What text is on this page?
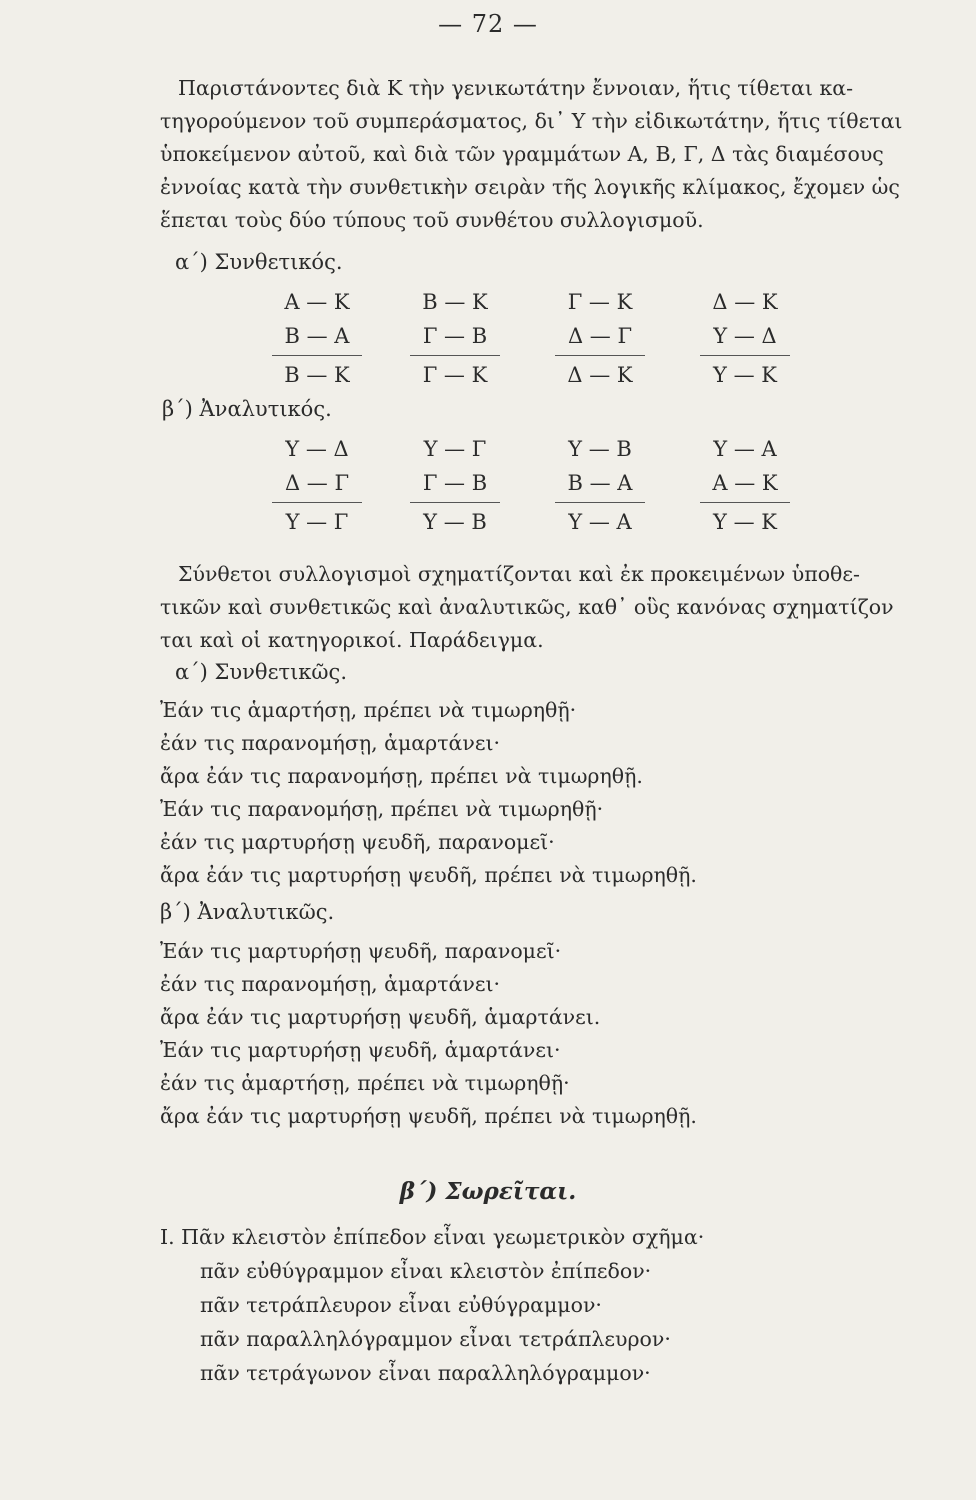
— 72 —
Παριστάνοντες διὰ Κ τὴν γενικωτάτην ἔννοιαν, ἥτις τίθεται κα-
τηγορούμενον τοῦ συμπεράσματος, δι᾽ Υ τὴν εἰδικωτάτην, ἥτις τίθεται
ὑποκείμενον αὐτοῦ, καὶ διὰ τῶν γραμμάτων Α, Β, Γ, Δ τὰς διαμέσους
ἐννοίας κατὰ τὴν συνθετικὴν σειρὰν τῆς λογικῆς κλίμακος, ἔχομεν ὡς
ἕπεται τοὺς δύο τύπους τοῦ συνθέτου συλλογισμοῦ.
α΄) Συνθετικός.
Α — Κ
Β — Α
Β — Κ
Β — Κ
Γ — Β
Γ — Κ
Γ — Κ
Δ — Γ
Δ — Κ
Δ — Κ
Υ — Δ
Υ — Κ
β΄) Ἀναλυτικός.
Υ — Δ
Δ — Γ
Υ — Γ
Υ — Γ
Γ — Β
Υ — Β
Υ — Β
Β — Α
Υ — Α
Υ — Α
Α — Κ
Υ — Κ
Σύνθετοι συλλογισμοὶ σχηματίζονται καὶ ἐκ προκειμένων ὑποθε-
τικῶν καὶ συνθετικῶς καὶ ἀναλυτικῶς, καθ᾽ οὓς κανόνας σχηματίζον
ται καὶ οἱ κατηγορικοί. Παράδειγμα.
α΄) Συνθετικῶς.
Ἐάν τις ἁμαρτήσῃ, πρέπει νὰ τιμωρηθῇ·
ἐάν τις παρανομήσῃ, ἁμαρτάνει·
ἄρα ἐάν τις παρανομήσῃ, πρέπει νὰ τιμωρηθῇ.
Ἐάν τις παρανομήσῃ, πρέπει νὰ τιμωρηθῇ·
ἐάν τις μαρτυρήσῃ ψευδῆ, παρανομεῖ·
ἄρα ἐάν τις μαρτυρήσῃ ψευδῆ, πρέπει νὰ τιμωρηθῇ.
β΄) Ἀναλυτικῶς.
Ἐάν τις μαρτυρήσῃ ψευδῆ, παρανομεῖ·
ἐάν τις παρανομήσῃ, ἁμαρτάνει·
ἄρα ἐάν τις μαρτυρήσῃ ψευδῆ, ἁμαρτάνει.
Ἐάν τις μαρτυρήσῃ ψευδῆ, ἁμαρτάνει·
ἐάν τις ἁμαρτήσῃ, πρέπει νὰ τιμωρηθῇ·
ἄρα ἐάν τις μαρτυρήσῃ ψευδῆ, πρέπει νὰ τιμωρηθῇ.
β΄) Σωρεῖται.
I. Πᾶν κλειστὸν ἐπίπεδον εἶναι γεωμετρικὸν σχῆμα·
πᾶν εὐθύγραμμον εἶναι κλειστὸν ἐπίπεδον·
πᾶν τετράπλευρον εἶναι εὐθύγραμμον·
πᾶν παραλληλόγραμμον εἶναι τετράπλευρον·
πᾶν τετράγωνον εἶναι παραλληλόγραμμον·
